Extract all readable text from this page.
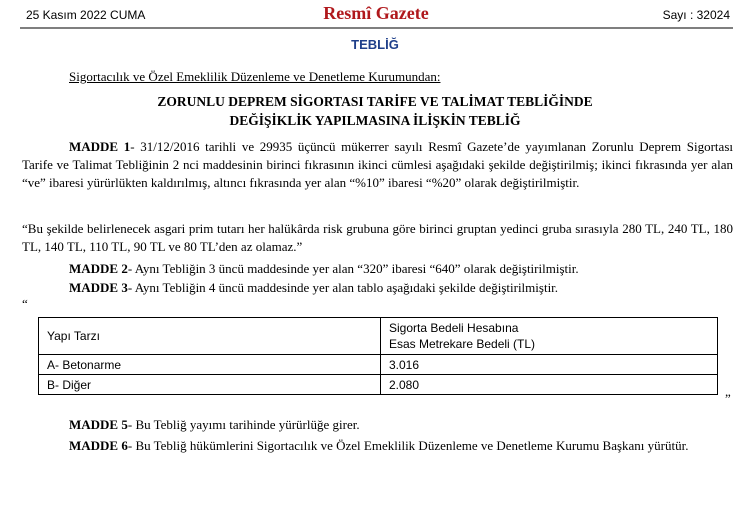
25 Kasım 2022 CUMA	Resmî Gazete	Sayı : 32024
TEBLİĞ
Sigortacılık ve Özel Emeklilik Düzenleme ve Denetleme Kurumundan:
ZORUNLU DEPREM SİGORTASI TARİFE VE TALİMAT TEBLİĞİNDE
DEĞİŞİKLİK YAPILMASINA İLİŞKİN TEBLİĞ
MADDE 1- 31/12/2016 tarihli ve 29935 üçüncü mükerrer sayılı Resmî Gazete’de yayımlanan Zorunlu Deprem Sigortası Tarife ve Talimat Tebliğinin 2 nci maddesinin birinci fıkrasının ikinci cümlesi aşağıdaki şekilde değiştirilmiş; ikinci fıkrasında yer alan “ve” ibaresi yürürlükten kaldırılmış, altıncı fıkrasında yer alan “%10” ibaresi “%20” olarak değiştirilmiştir.
“Bu şekilde belirlenecek asgari prim tutarı her halükârda risk grubuna göre birinci gruptan yedinci gruba sırasıyla 280 TL, 240 TL, 180 TL, 140 TL, 110 TL, 90 TL ve 80 TL’den az olamaz.”
MADDE 2- Aynı Tebliğin 3 üncü maddesinde yer alan “320” ibaresi “640” olarak değiştirilmiştir.
MADDE 3- Aynı Tebliğin 4 üncü maddesinde yer alan tablo aşağıdaki şekilde değiştirilmiştir.
“
Yapı Tarzı	Sigorta Bedeli Hesabına
Esas Metrekare Bedeli (TL)

A- Betonarme	3.016
B- Diğer	2.080
”
MADDE 5- Bu Tebliğ yayımı tarihinde yürürlüğe girer.
MADDE 6- Bu Tebliğ hükümlerini Sigortacılık ve Özel Emeklilik Düzenleme ve Denetleme Kurumu Başkanı yürütür.
